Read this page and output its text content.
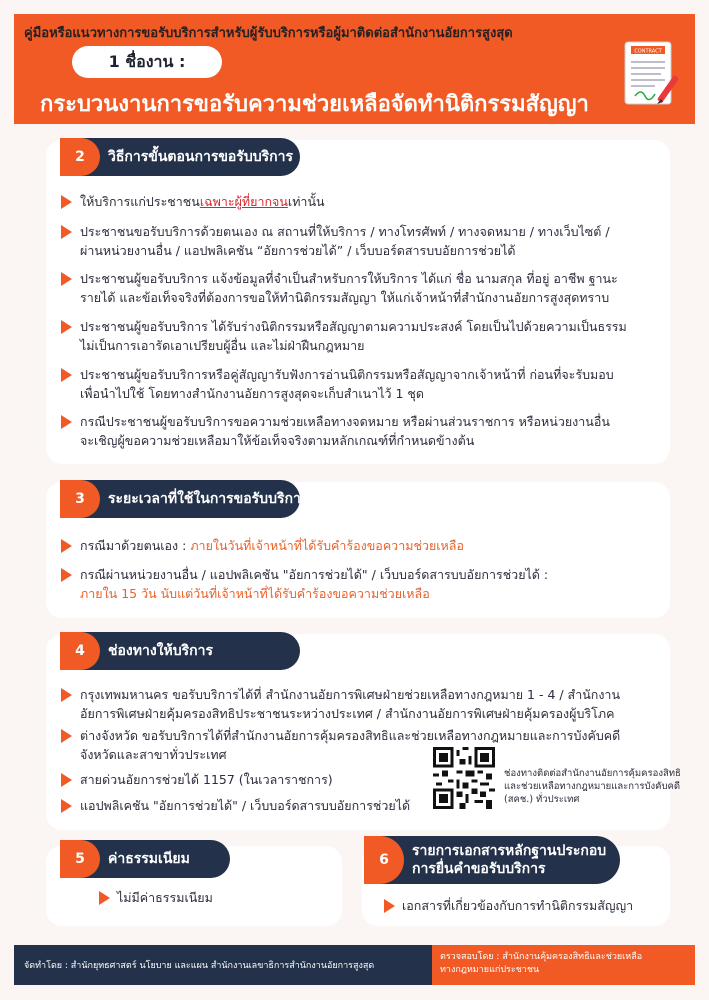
คู่มือหรือแนวทางการขอรับบริการสำหรับผู้รับบริการหรือผู้มาติดต่อสำนักงานอัยการสูงสุด
1 ชื่องาน :
กระบวนงานการขอรับความช่วยเหลือจัดทำนิติกรรมสัญญา
CONTRACT
2	วิธีการขั้นตอนการขอรับบริการ
ให้บริการแก่ประชาชนเฉพาะผู้ที่ยากจนเท่านั้น
ประชาชนขอรับบริการด้วยตนเอง ณ สถานที่ให้บริการ / ทางโทรศัพท์ / ทางจดหมาย / ทางเว็บไซต์ /
ผ่านหน่วยงานอื่น / แอปพลิเคชัน “อัยการช่วยได้” / เว็บบอร์ดสารบบอัยการช่วยได้
ประชาชนผู้ขอรับบริการ แจ้งข้อมูลที่จำเป็นสำหรับการให้บริการ ได้แก่ ชื่อ นามสกุล ที่อยู่ อาชีพ ฐานะ
รายได้ และข้อเท็จจริงที่ต้องการขอให้ทำนิติกรรมสัญญา ให้แก่เจ้าหน้าที่สำนักงานอัยการสูงสุดทราบ
ประชาชนผู้ขอรับบริการ ได้รับร่างนิติกรรมหรือสัญญาตามความประสงค์ โดยเป็นไปด้วยความเป็นธรรม
ไม่เป็นการเอารัดเอาเปรียบผู้อื่น และไม่ฝ่าฝืนกฎหมาย
ประชาชนผู้ขอรับบริการหรือคู่สัญญารับฟังการอ่านนิติกรรมหรือสัญญาจากเจ้าหน้าที่ ก่อนที่จะรับมอบ
เพื่อนำไปใช้ โดยทางสำนักงานอัยการสูงสุดจะเก็บสำเนาไว้ 1 ชุด
กรณีประชาชนผู้ขอรับบริการขอความช่วยเหลือทางจดหมาย หรือผ่านส่วนราชการ หรือหน่วยงานอื่น
จะเชิญผู้ขอความช่วยเหลือมาให้ข้อเท็จจริงตามหลักเกณฑ์ที่กำหนดข้างต้น
3	ระยะเวลาที่ใช้ในการขอรับบริการ
กรณีมาด้วยตนเอง : ภายในวันที่เจ้าหน้าที่ได้รับคำร้องขอความช่วยเหลือ
กรณีผ่านหน่วยงานอื่น / แอปพลิเคชัน "อัยการช่วยได้" / เว็บบอร์ดสารบบอัยการช่วยได้ :
ภายใน 15 วัน นับแต่วันที่เจ้าหน้าที่ได้รับคำร้องขอความช่วยเหลือ
4	ช่องทางให้บริการ
กรุงเทพมหานคร ขอรับบริการได้ที่ สำนักงานอัยการพิเศษฝ่ายช่วยเหลือทางกฎหมาย 1 - 4 / สำนักงาน
อัยการพิเศษฝ่ายคุ้มครองสิทธิประชาชนระหว่างประเทศ / สำนักงานอัยการพิเศษฝ่ายคุ้มครองผู้บริโภค
ต่างจังหวัด ขอรับบริการได้ที่สำนักงานอัยการคุ้มครองสิทธิและช่วยเหลือทางกฎหมายและการบังคับคดี
จังหวัดและสาขาทั่วประเทศ
สายด่วนอัยการช่วยได้ 1157 (ในเวลาราชการ)
แอปพลิเคชัน "อัยการช่วยได้" / เว็บบอร์ดสารบบอัยการช่วยได้
ช่องทางติดต่อสำนักงานอัยการคุ้มครองสิทธิ
และช่วยเหลือทางกฎหมายและการบังคับคดี
(สคช.) ทั่วประเทศ
5	ค่าธรรมเนียม
ไม่มีค่าธรรมเนียม
6
รายการเอกสารหลักฐานประกอบ
การยื่นคำขอรับบริการ
เอกสารที่เกี่ยวข้องกับการทำนิติกรรมสัญญา
จัดทำโดย : สำนักยุทธศาสตร์ นโยบาย และแผน สำนักงานเลขาธิการสำนักงานอัยการสูงสุด
ตรวจสอบโดย : สำนักงานคุ้มครองสิทธิและช่วยเหลือ
ทางกฎหมายแก่ประชาชน
